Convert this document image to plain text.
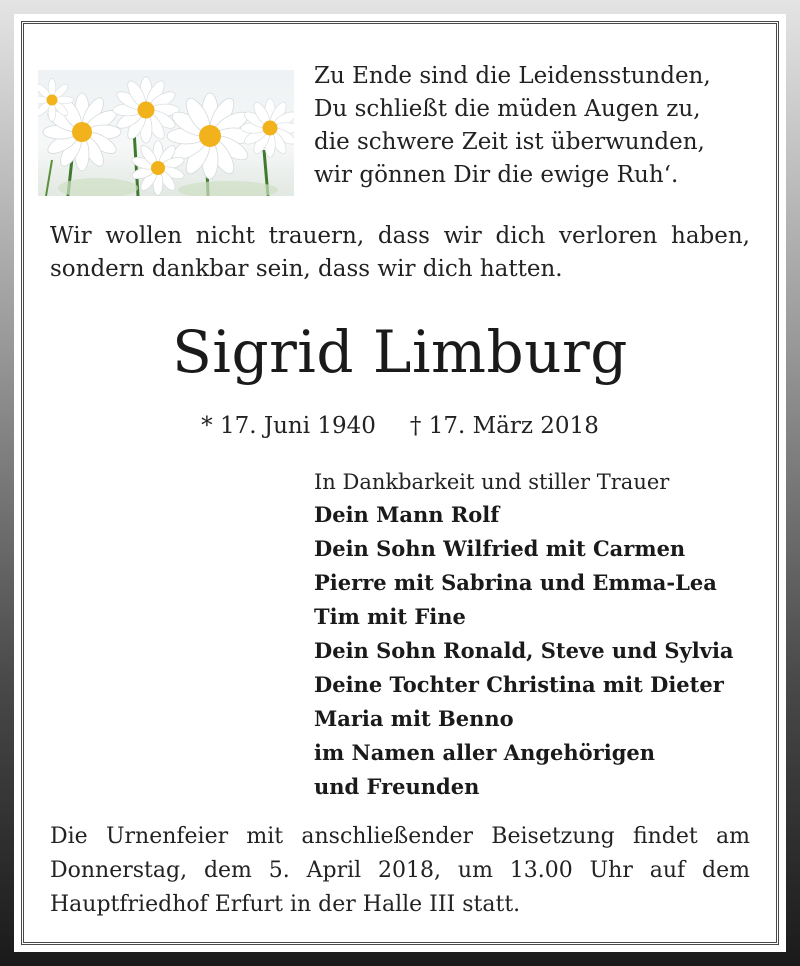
Zu Ende sind die Leidensstunden,
Du schließt die müden Augen zu,
die schwere Zeit ist überwunden,
wir gönnen Dir die ewige Ruh‘.
Wir wollen nicht trauern, dass wir dich verloren haben,
sondern dankbar sein, dass wir dich hatten.
Sigrid Limburg
* 17. Juni 1940 † 17. März 2018
In Dankbarkeit und stiller Trauer
Dein Mann Rolf
Dein Sohn Wilfried mit Carmen
Pierre mit Sabrina und Emma-Lea
Tim mit Fine
Dein Sohn Ronald, Steve und Sylvia
Deine Tochter Christina mit Dieter
Maria mit Benno
im Namen aller Angehörigen
und Freunden
Die Urnenfeier mit anschließender Beisetzung findet am
Donnerstag, dem 5. April 2018, um 13.00 Uhr auf dem
Hauptfriedhof Erfurt in der Halle III statt.
